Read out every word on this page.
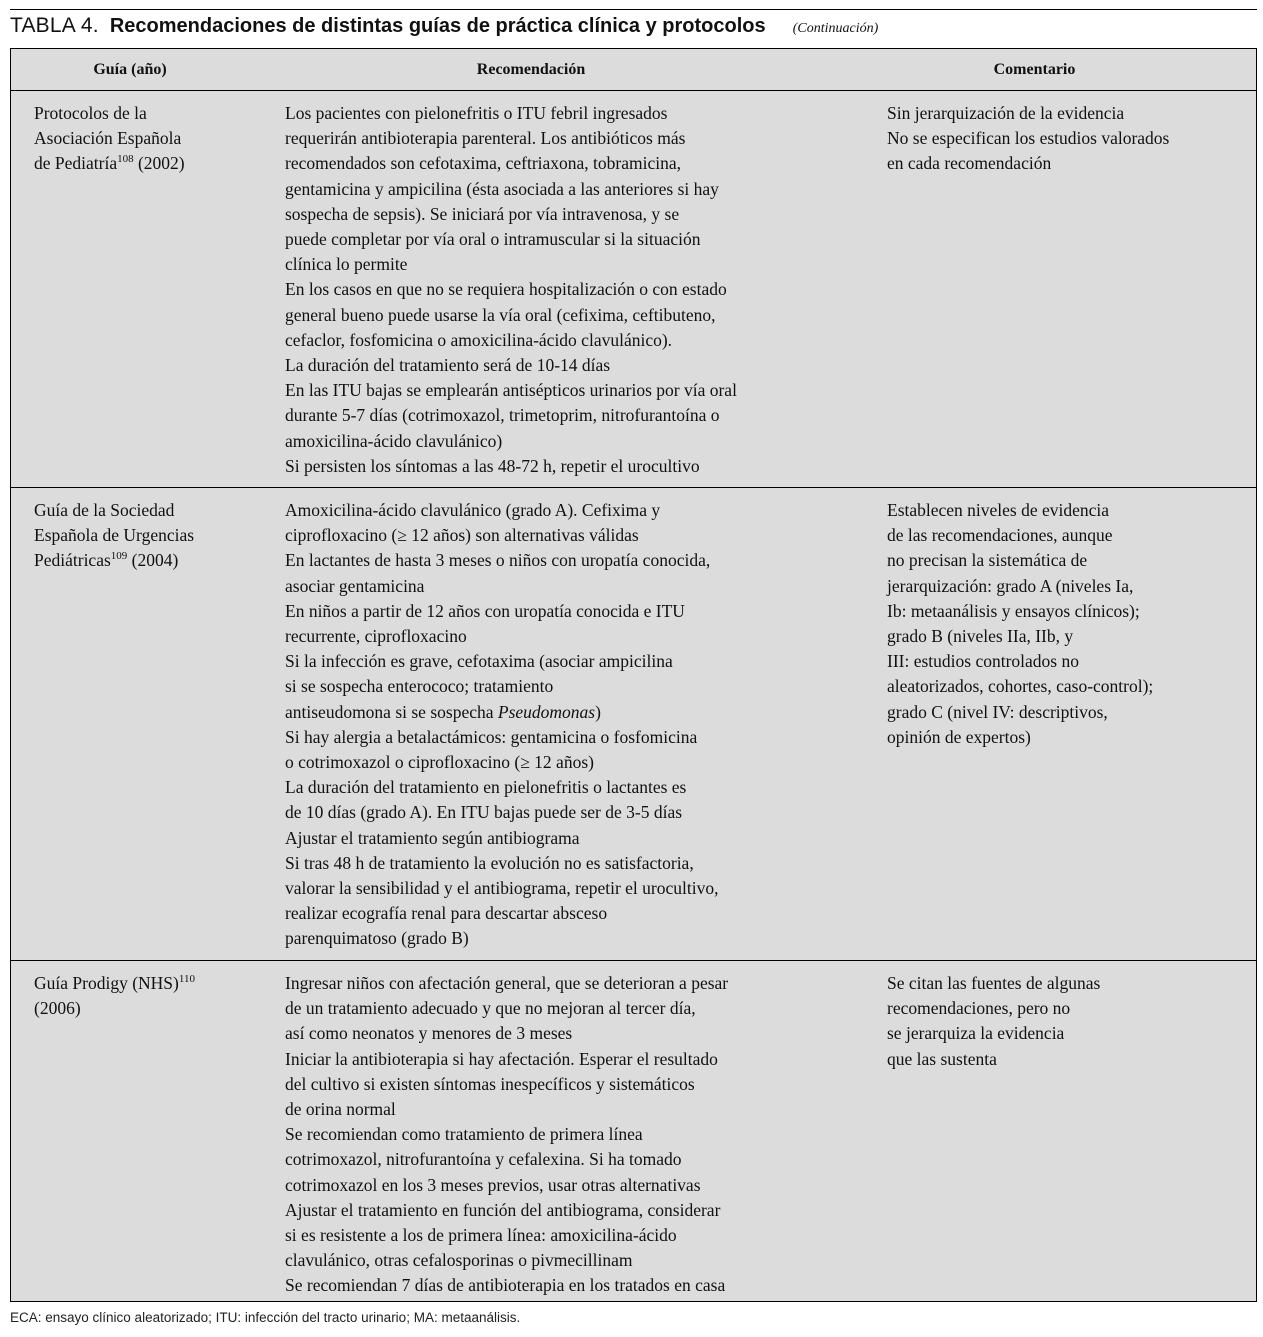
TABLA 4. Recomendaciones de distintas guías de práctica clínica y protocolos (Continuación)
Guía (año)	Recomendación	Comentario

Protocolos de la
Asociación Española
de Pediatría$^{108}$ (2002)

Los pacientes con pielonefritis o ITU febril ingresados
requerirán antibioterapia parenteral. Los antibióticos más
recomendados son cefotaxima, ceftriaxona, tobramicina,
gentamicina y ampicilina (ésta asociada a las anteriores si hay
sospecha de sepsis). Se iniciará por vía intravenosa, y se
puede completar por vía oral o intramuscular si la situación
clínica lo permite

En los casos en que no se requiera hospitalización o con estado
general bueno puede usarse la vía oral (cefixima, ceftibuteno,
cefaclor, fosfomicina o amoxicilina-ácido clavulánico).
La duración del tratamiento será de 10-14 días

En las ITU bajas se emplearán antisépticos urinarios por vía oral
durante 5-7 días (cotrimoxazol, trimetoprim, nitrofurantoína o
amoxicilina-ácido clavulánico)

Si persisten los síntomas a las 48-72 h, repetir el urocultivo

Sin jerarquización de la evidencia

No se especifican los estudios valorados
en cada recomendación

Guía de la Sociedad
Española de Urgencias
Pediátricas$^{109}$ (2004)

Amoxicilina-ácido clavulánico (grado A). Cefixima y
ciprofloxacino (≥ 12 años) son alternativas válidas

En lactantes de hasta 3 meses o niños con uropatía conocida,
asociar gentamicina

En niños a partir de 12 años con uropatía conocida e ITU
recurrente, ciprofloxacino

Si la infección es grave, cefotaxima (asociar ampicilina
si se sospecha enterococo; tratamiento
antiseudomona si se sospecha Pseudomonas)

Si hay alergia a betalactámicos: gentamicina o fosfomicina
o cotrimoxazol o ciprofloxacino (≥ 12 años)

La duración del tratamiento en pielonefritis o lactantes es
de 10 días (grado A). En ITU bajas puede ser de 3-5 días

Ajustar el tratamiento según antibiograma

Si tras 48 h de tratamiento la evolución no es satisfactoria,
valorar la sensibilidad y el antibiograma, repetir el urocultivo,
realizar ecografía renal para descartar absceso
parenquimatoso (grado B)

Establecen niveles de evidencia
de las recomendaciones, aunque
no precisan la sistemática de
jerarquización: grado A (niveles Ia,
Ib: metaanálisis y ensayos clínicos);
grado B (niveles IIa, IIb, y
III: estudios controlados no
aleatorizados, cohortes, caso-control);
grado C (nivel IV: descriptivos,
opinión de expertos)

Guía Prodigy (NHS)$^{110}$
(2006)

Ingresar niños con afectación general, que se deterioran a pesar
de un tratamiento adecuado y que no mejoran al tercer día,
así como neonatos y menores de 3 meses

Iniciar la antibioterapia si hay afectación. Esperar el resultado
del cultivo si existen síntomas inespecíficos y sistemáticos
de orina normal

Se recomiendan como tratamiento de primera línea
cotrimoxazol, nitrofurantoína y cefalexina. Si ha tomado
cotrimoxazol en los 3 meses previos, usar otras alternativas

Ajustar el tratamiento en función del antibiograma, considerar
si es resistente a los de primera línea: amoxicilina-ácido
clavulánico, otras cefalosporinas o pivmecillinam

Se recomiendan 7 días de antibioterapia en los tratados en casa

Se citan las fuentes de algunas
recomendaciones, pero no
se jerarquiza la evidencia
que las sustenta

ECA: ensayo clínico aleatorizado; ITU: infección del tracto urinario; MA: metaanálisis.
